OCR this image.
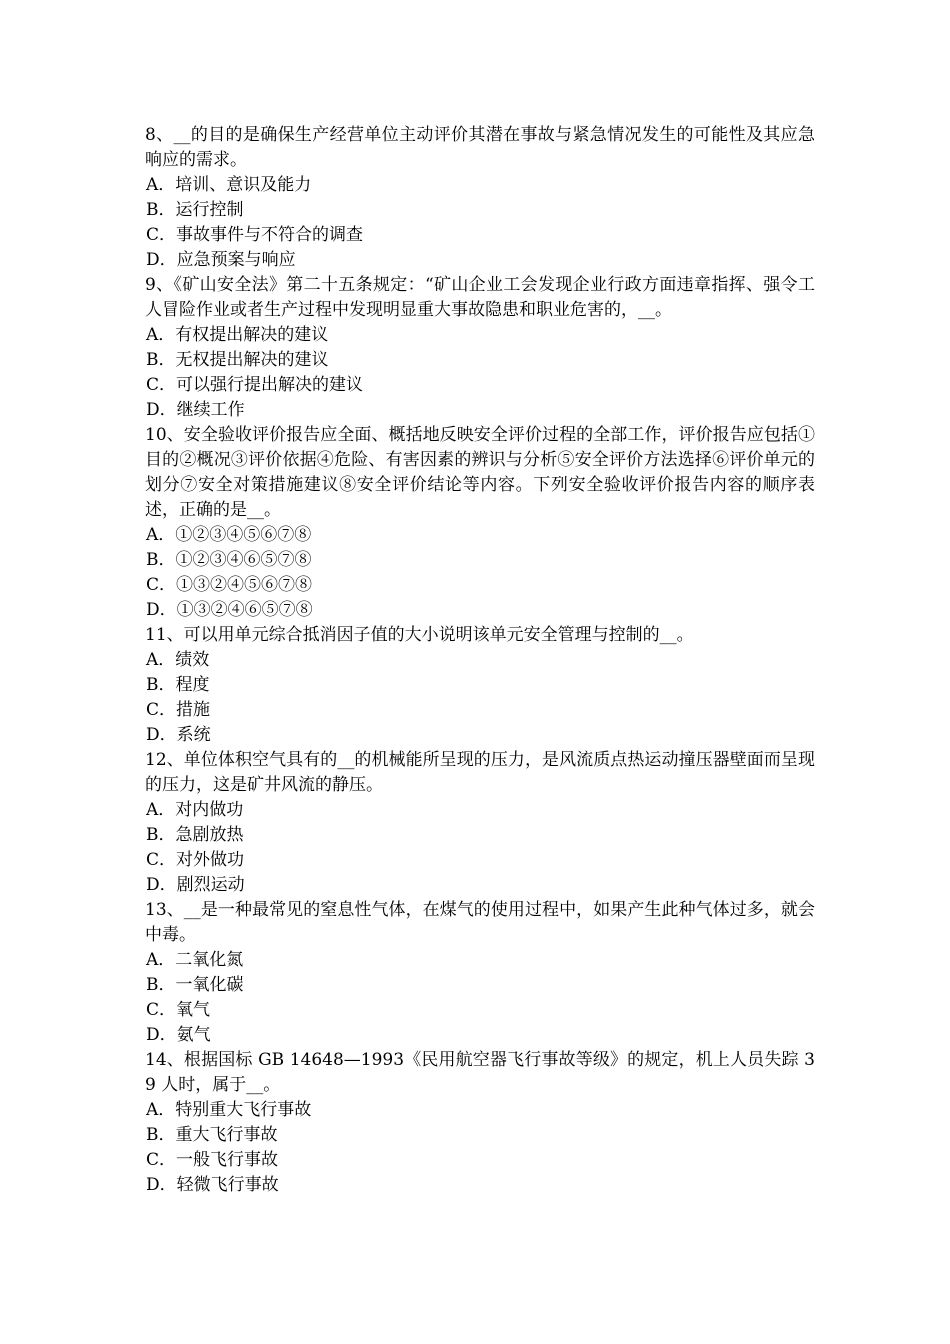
8、__的目的是确保生产经营单位主动评价其潜在事故与紧急情况发生的可能性及其应急响应的需求。

A．培训、意识及能力
B．运行控制
C．事故事件与不符合的调查
D．应急预案与响应

9、《矿山安全法》第二十五条规定：“矿山企业工会发现企业行政方面违章指挥、强令工人冒险作业或者生产过程中发现明显重大事故隐患和职业危害的，__。

A．有权提出解决的建议
B．无权提出解决的建议
C．可以强行提出解决的建议
D．继续工作

10、安全验收评价报告应全面、概括地反映安全评价过程的全部工作，评价报告应包括①目的②概况③评价依据④危险、有害因素的辨识与分析⑤安全评价方法选择⑥评价单元的划分⑦安全对策措施建议⑧安全评价结论等内容。下列安全验收评价报告内容的顺序表述，正确的是__。

A．①②③④⑤⑥⑦⑧
B．①②③④⑥⑤⑦⑧
C．①③②④⑤⑥⑦⑧
D．①③②④⑥⑤⑦⑧

11、可以用单元综合抵消因子值的大小说明该单元安全管理与控制的__。

A．绩效
B．程度
C．措施
D．系统

12、单位体积空气具有的__的机械能所呈现的压力，是风流质点热运动撞压器壁面而呈现的压力，这是矿井风流的静压。

A．对内做功
B．急剧放热
C．对外做功
D．剧烈运动

13、__是一种最常见的窒息性气体，在煤气的使用过程中，如果产生此种气体过多，就会中毒。

A．二氧化氮
B．一氧化碳
C．氧气
D．氨气

14、根据国标 GB 14648—1993《民用航空器飞行事故等级》的规定，机上人员失踪 39 人时，属于__。

A．特别重大飞行事故
B．重大飞行事故
C．一般飞行事故
D．轻微飞行事故
